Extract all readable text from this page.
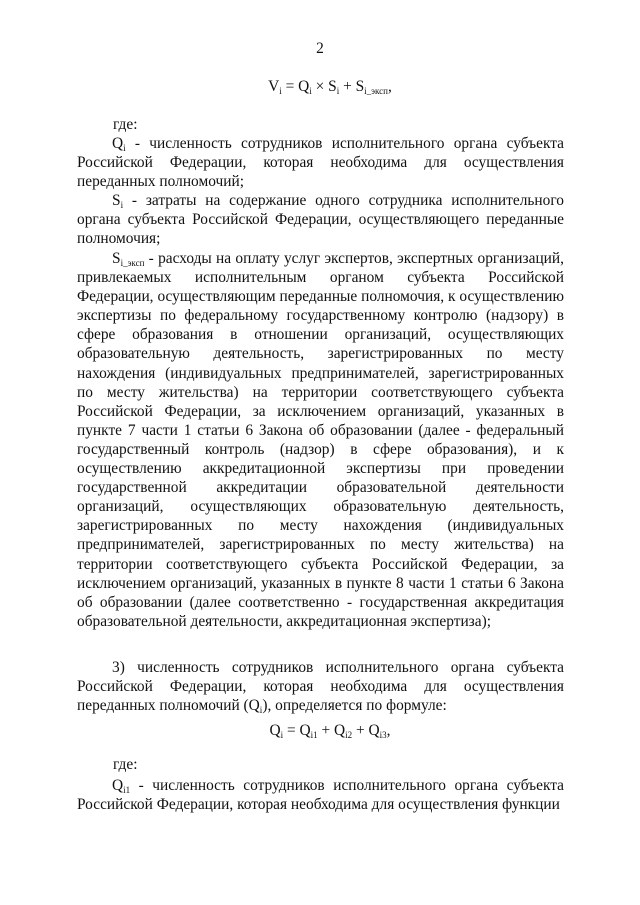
2
$V_i = Q_i \times S_i + S_{i\_эксп}$,
где:

$Q_i$ - численность сотрудников исполнительного органа субъекта Российской Федерации, которая необходима для осуществления переданных полномочий;

$S_i$ - затраты на содержание одного сотрудника исполнительного органа субъекта Российской Федерации, осуществляющего переданные полномочия;

$S_{i\_эксп}$ - расходы на оплату услуг экспертов, экспертных организаций, привлекаемых исполнительным органом субъекта Российской Федерации, осуществляющим переданные полномочия, к осуществлению экспертизы по федеральному государственному контролю (надзору) в сфере образования в отношении организаций, осуществляющих образовательную деятельность, зарегистрированных по месту нахождения (индивидуальных предпринимателей, зарегистрированных по месту жительства) на территории соответствующего субъекта Российской Федерации, за исключением организаций, указанных в пункте 7 части 1 статьи 6 Закона об образовании (далее - федеральный государственный контроль (надзор) в сфере образования), и к осуществлению аккредитационной экспертизы при проведении государственной аккредитации образовательной деятельности организаций, осуществляющих образовательную деятельность, зарегистрированных по месту нахождения (индивидуальных предпринимателей, зарегистрированных по месту жительства) на территории соответствующего субъекта Российской Федерации, за исключением организаций, указанных в пункте 8 части 1 статьи 6 Закона об образовании (далее соответственно - государственная аккредитация образовательной деятельности, аккредитационная экспертиза);

3) численность сотрудников исполнительного органа субъекта Российской Федерации, которая необходима для осуществления переданных полномочий $(Q_i)$, определяется по формуле:

$Q_i = Q_{i1} + Q_{i2} + Q_{i3}$,
где:

$Q_{i1}$ - численность сотрудников исполнительного органа субъекта Российской Федерации, которая необходима для осуществления функции
